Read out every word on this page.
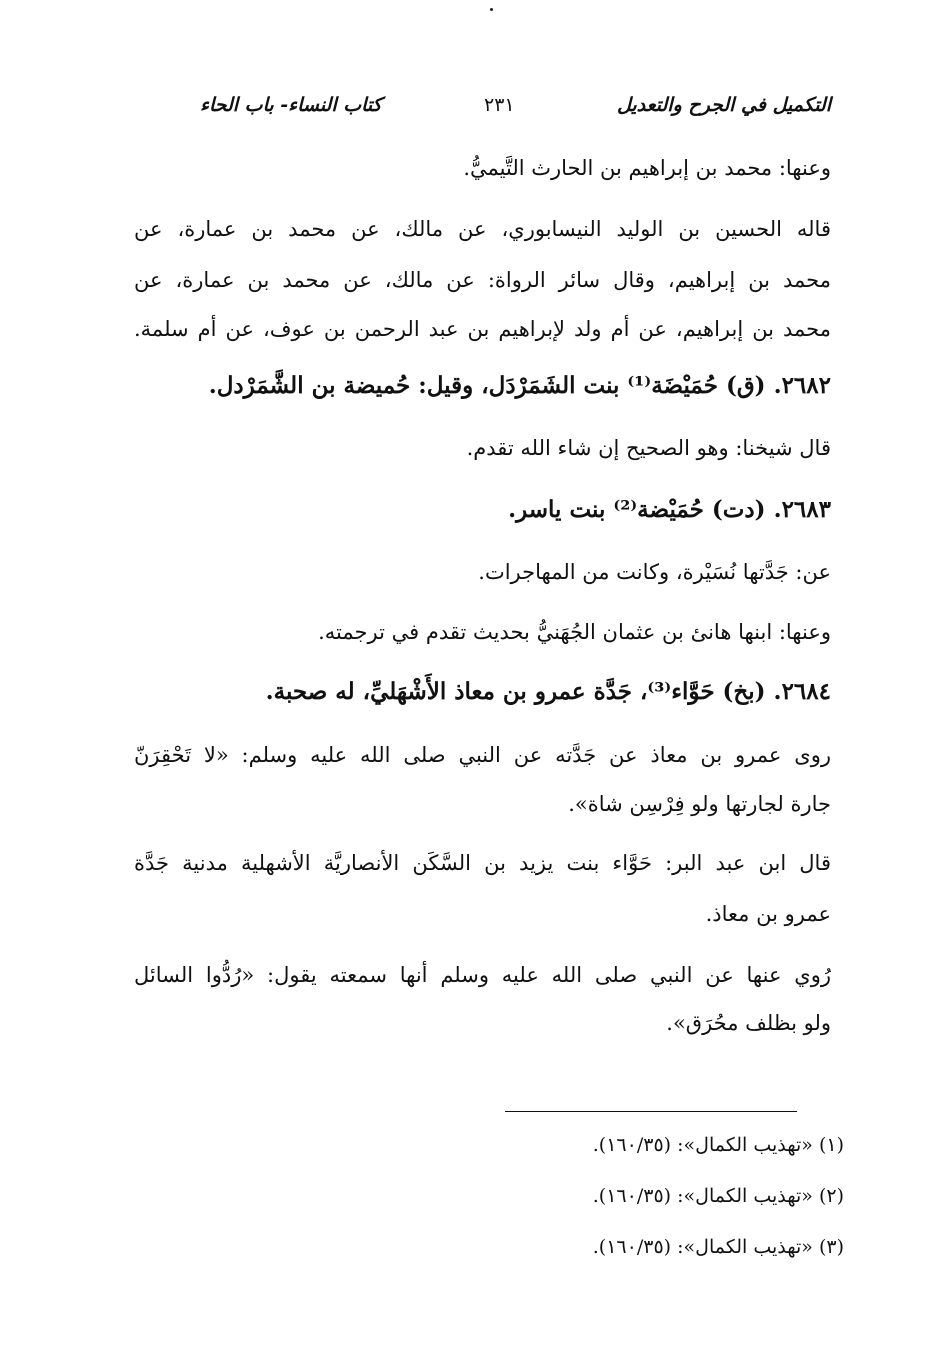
التكميل في الجرح والتعديل
٢٣١
كتاب النساء- باب الحاء
وعنها: محمد بن إبراهيم بن الحارث التَّيميُّ.
قاله الحسين بن الوليد النيسابوري، عن مالك، عن محمد بن عمارة، عن
محمد بن إبراهيم، وقال سائر الرواة: عن مالك، عن محمد بن عمارة، عن
محمد بن إبراهيم، عن أم ولد لإبراهيم بن عبد الرحمن بن عوف، عن أم سلمة.
٢٦٨٢. (ق) حُمَيْضَة⁽¹⁾ بنت الشَمَرْدَل، وقيل: حُميضة بن الشَّمَرْدل.
قال شيخنا: وهو الصحيح إن شاء الله تقدم.
٢٦٨٣. (دت) حُمَيْضة⁽²⁾ بنت ياسر.
عن: جَدَّتها نُسَيْرة، وكانت من المهاجرات.
وعنها: ابنها هانئ بن عثمان الجُهَنيُّ بحديث تقدم في ترجمته.
٢٦٨٤. (بخ) حَوَّاء⁽³⁾، جَدَّة عمرو بن معاذ الأَشْهَليِّ، له صحبة.
روى عمرو بن معاذ عن جَدَّته عن النبي صلى الله عليه وسلم: «لا تَحْقِرَنّ
جارة لجارتها ولو فِرْسِن شاة».
قال ابن عبد البر: حَوَّاء بنت يزيد بن السَّكَن الأنصاريَّة الأشهلية مدنية جَدَّة
عمرو بن معاذ.
رُوي عنها عن النبي صلى الله عليه وسلم أنها سمعته يقول: «رُدُّوا السائل
ولو بظلف محُرَق».
(١) «تهذيب الكمال»: (١٦٠/٣٥).
(٢) «تهذيب الكمال»: (١٦٠/٣٥).
(٣) «تهذيب الكمال»: (١٦٠/٣٥).
